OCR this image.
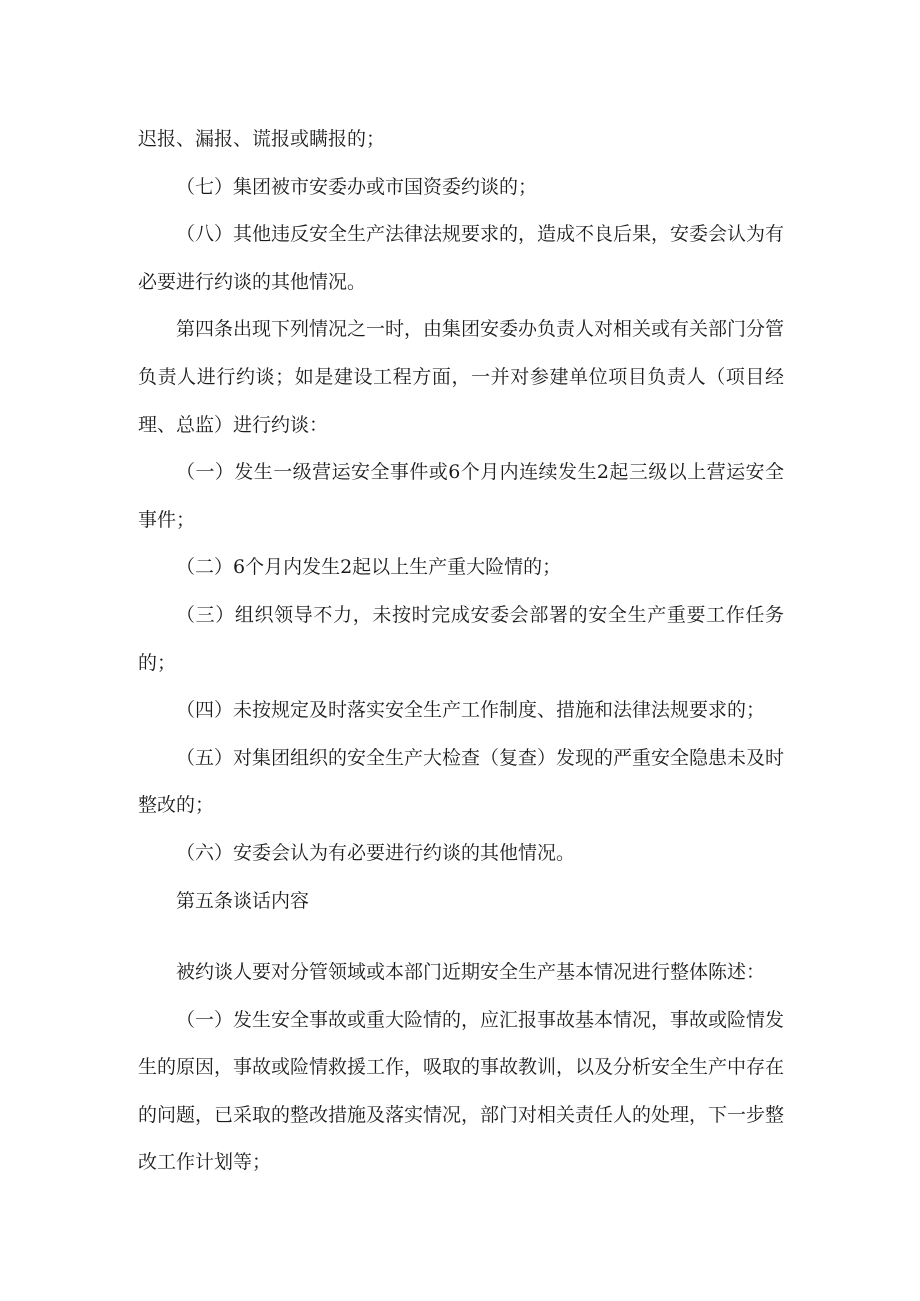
迟报、漏报、谎报或瞒报的；

（七）集团被市安委办或市国资委约谈的；

（八）其他违反安全生产法律法规要求的，造成不良后果，安委会认为有必要进行约谈的其他情况。

第四条出现下列情况之一时，由集团安委办负责人对相关或有关部门分管负责人进行约谈；如是建设工程方面，一并对参建单位项目负责人（项目经理、总监）进行约谈：

（一）发生一级营运安全事件或6个月内连续发生2起三级以上营运安全事件；

（二）6个月内发生2起以上生产重大险情的；

（三）组织领导不力，未按时完成安委会部署的安全生产重要工作任务的；

（四）未按规定及时落实安全生产工作制度、措施和法律法规要求的；

（五）对集团组织的安全生产大检查（复查）发现的严重安全隐患未及时整改的；

（六）安委会认为有必要进行约谈的其他情况。

第五条谈话内容

被约谈人要对分管领域或本部门近期安全生产基本情况进行整体陈述：

（一）发生安全事故或重大险情的，应汇报事故基本情况，事故或险情发生的原因，事故或险情救援工作，吸取的事故教训，以及分析安全生产中存在的问题，已采取的整改措施及落实情况，部门对相关责任人的处理，下一步整改工作计划等；
